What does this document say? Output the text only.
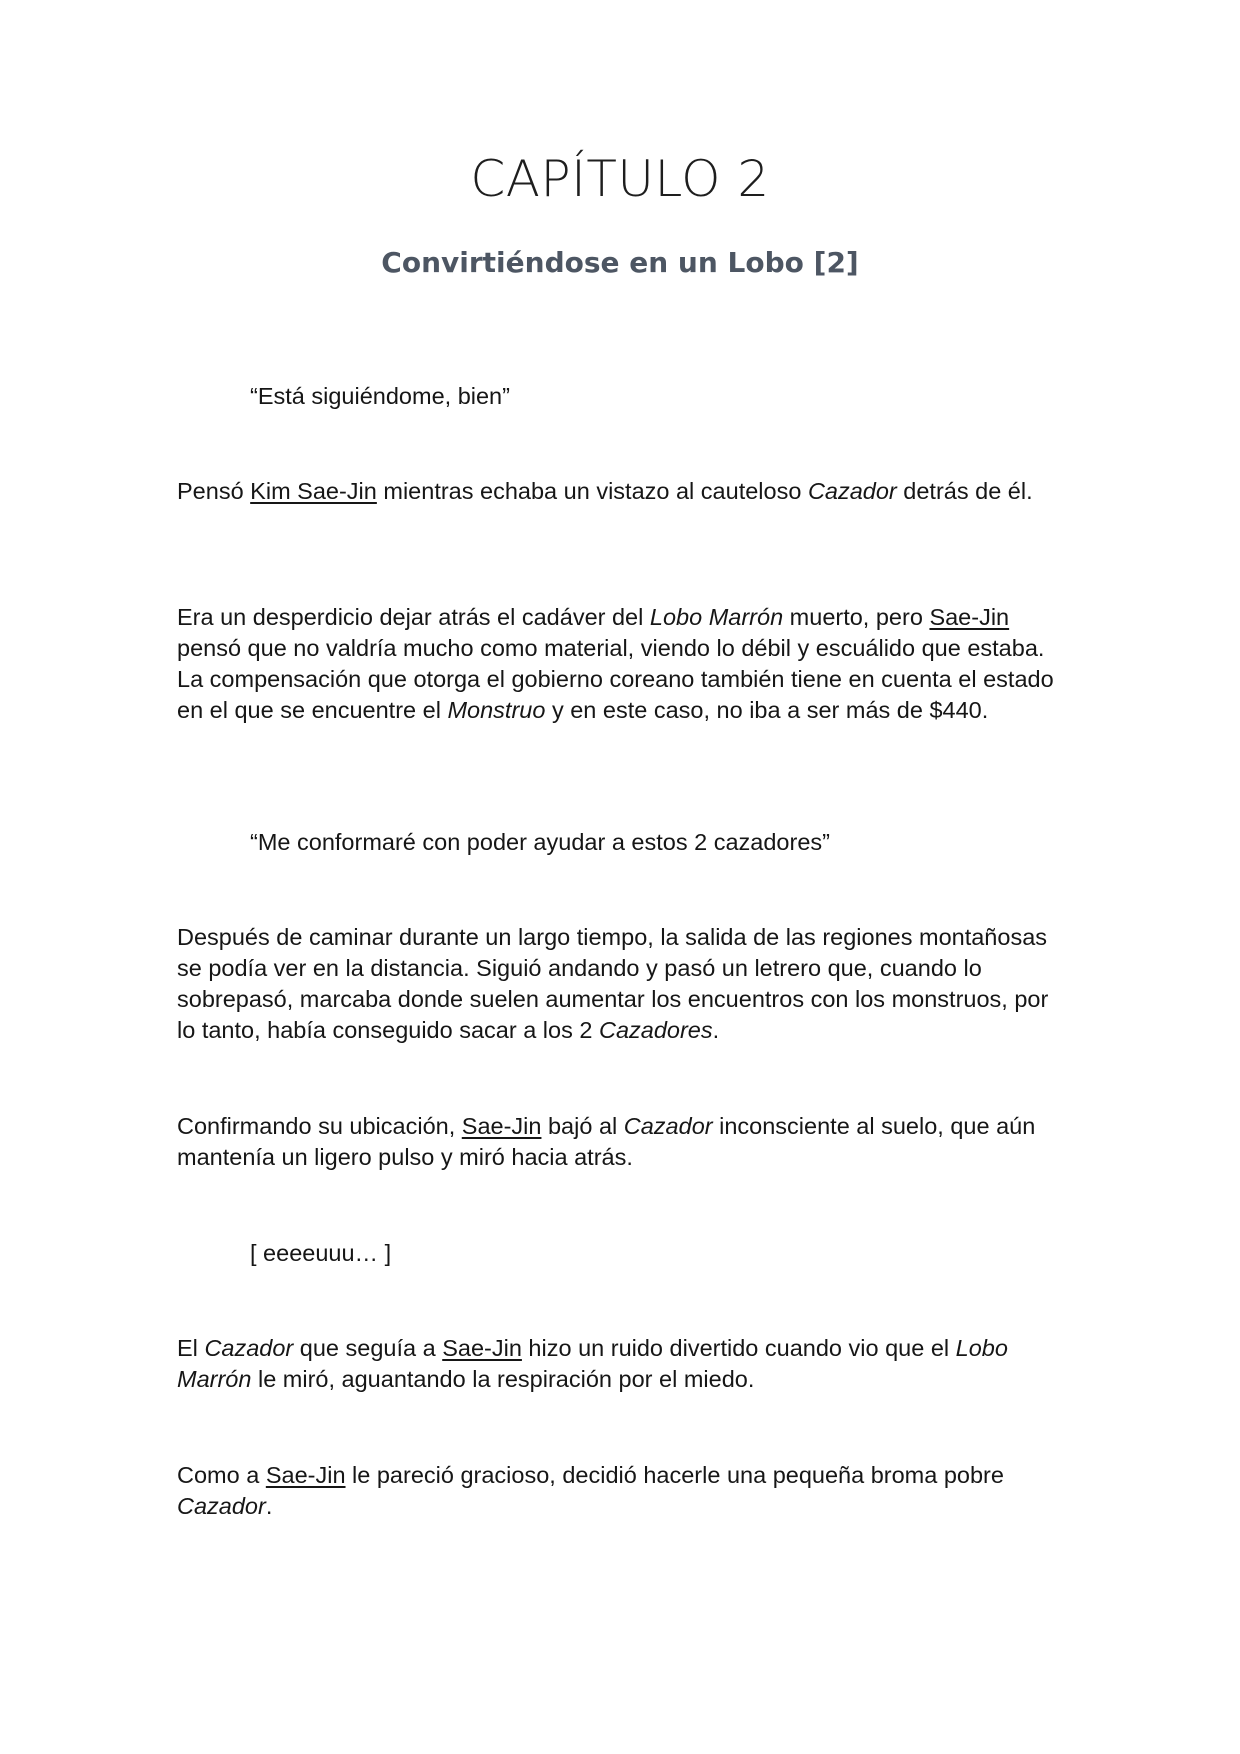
CAPÍTULO 2
Convirtiéndose en un Lobo [2]

“Está siguiéndome, bien”

Pensó Kim Sae-Jin mientras echaba un vistazo al cauteloso Cazador detrás de él.

Era un desperdicio dejar atrás el cadáver del Lobo Marrón muerto, pero Sae-Jin pensó que no valdría mucho como material, viendo lo débil y escuálido que estaba. La compensación que otorga el gobierno coreano también tiene en cuenta el estado en el que se encuentre el Monstruo y en este caso, no iba a ser más de $440.

“Me conformaré con poder ayudar a estos 2 cazadores”

Después de caminar durante un largo tiempo, la salida de las regiones montañosas se podía ver en la distancia. Siguió andando y pasó un letrero que, cuando lo sobrepasó, marcaba donde suelen aumentar los encuentros con los monstruos, por lo tanto, había conseguido sacar a los 2 Cazadores.

Confirmando su ubicación, Sae-Jin bajó al Cazador inconsciente al suelo, que aún mantenía un ligero pulso y miró hacia atrás.

[ eeeeuuu… ]

El Cazador que seguía a Sae-Jin hizo un ruido divertido cuando vio que el Lobo Marrón le miró, aguantando la respiración por el miedo.

Como a Sae-Jin le pareció gracioso, decidió hacerle una pequeña broma pobre Cazador.
